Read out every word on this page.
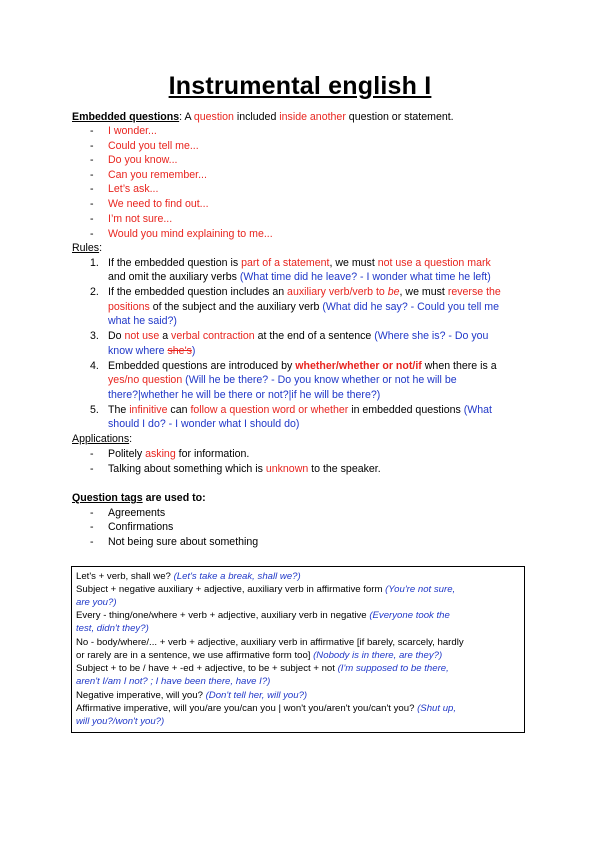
Instrumental english I
Embedded questions: A question included inside another question or statement.
- I wonder...
- Could you tell me...
- Do you know...
- Can you remember...
- Let’s ask...
- We need to find out...
- I’m not sure...
- Would you mind explaining to me...
Rules:
1. If the embedded question is part of a statement, we must not use a question mark
and omit the auxiliary verbs (What time did he leave? - I wonder what time he left)
2. If the embedded question includes an auxiliary verb/verb to be, we must reverse the
positions of the subject and the auxiliary verb (What did he say? - Could you tell me
what he said?)
3. Do not use a verbal contraction at the end of a sentence (Where she is? - Do you
know where she's)
4. Embedded questions are introduced by whether/whether or not/if when there is a
yes/no question (Will he be there? - Do you know whether or not he will be
there?|whether he will be there or not?|if he will be there?)
5. The infinitive can follow a question word or whether in embedded questions (What
should I do? - I wonder what I should do)
Applications:
- Politely asking for information.
- Talking about something which is unknown to the speaker.
Question tags are used to:
- Agreements
- Confirmations
- Not being sure about something
Let's + verb, shall we? (Let's take a break, shall we?)
Subject + negative auxiliary + adjective, auxiliary verb in affirmative form (You're not sure,
are you?)
Every - thing/one/where + verb + adjective, auxiliary verb in negative (Everyone took the
test, didn't they?)
No - body/where/... + verb + adjective, auxiliary verb in affirmative [if barely, scarcely, hardly
or rarely are in a sentence, we use affirmative form too] (Nobody is in there, are they?)
Subject + to be / have + -ed + adjective, to be + subject + not (I'm supposed to be there,
aren't I/am I not? ; I have been there, have I?)
Negative imperative, will you? (Don't tell her, will you?)
Affirmative imperative, will you/are you/can you | won't you/aren't you/can't you? (Shut up,
will you?/won't you?)
